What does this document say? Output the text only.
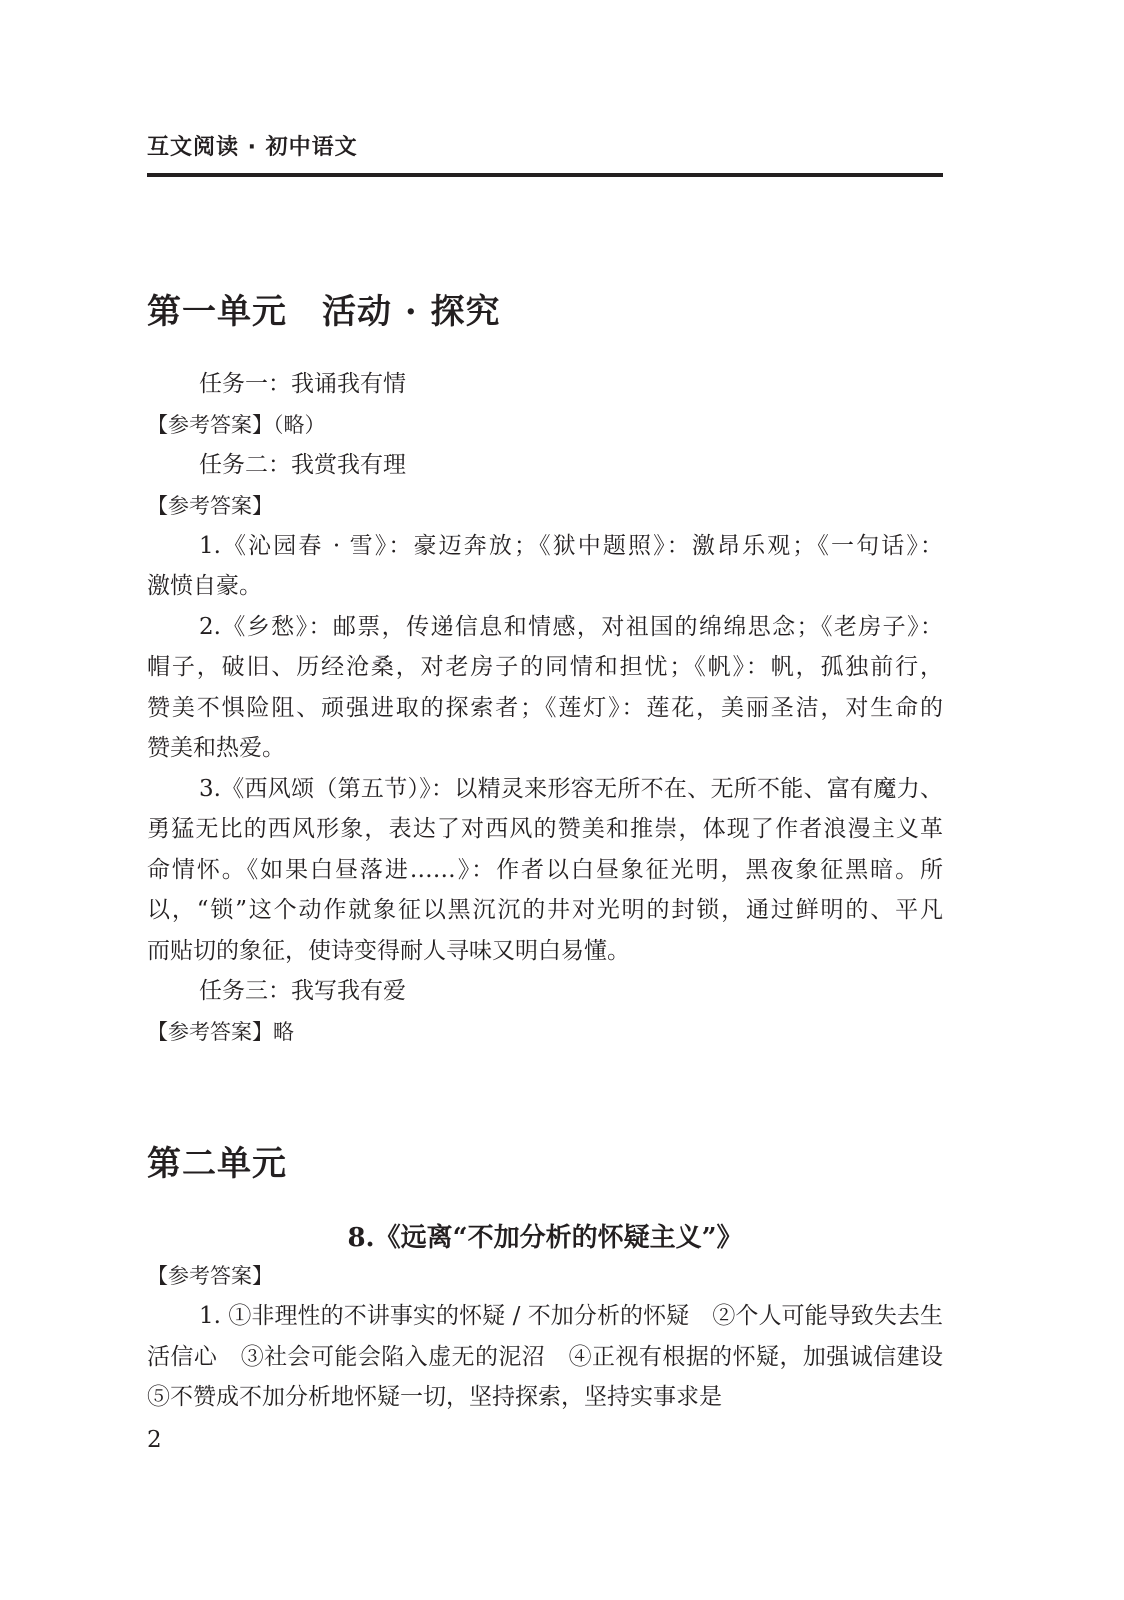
互文阅读 · 初中语文
第一单元　活动 · 探究
任务一：我诵我有情
【参考答案】（略）
任务二：我赏我有理
【参考答案】
1.《沁园春 · 雪》：豪迈奔放；《狱中题照》：激昂乐观；《一句话》：
激愤自豪。
2.《乡愁》：邮票，传递信息和情感，对祖国的绵绵思念；《老房子》：
帽子，破旧、历经沧桑，对老房子的同情和担忧；《帆》：帆，孤独前行，
赞美不惧险阻、顽强进取的探索者；《莲灯》：莲花，美丽圣洁，对生命的
赞美和热爱。
3.《西风颂（第五节）》：以精灵来形容无所不在、无所不能、富有魔力、
勇猛无比的西风形象，表达了对西风的赞美和推崇，体现了作者浪漫主义革
命情怀。《如果白昼落进……》：作者以白昼象征光明，黑夜象征黑暗。所
以，“锁”这个动作就象征以黑沉沉的井对光明的封锁，通过鲜明的、平凡
而贴切的象征，使诗变得耐人寻味又明白易懂。
任务三：我写我有爱
【参考答案】略
第二单元
8.《远离“不加分析的怀疑主义”》
【参考答案】
1. ①非理性的不讲事实的怀疑 / 不加分析的怀疑　②个人可能导致失去生
活信心　③社会可能会陷入虚无的泥沼　④正视有根据的怀疑，加强诚信建设
⑤不赞成不加分析地怀疑一切，坚持探索，坚持实事求是
2
